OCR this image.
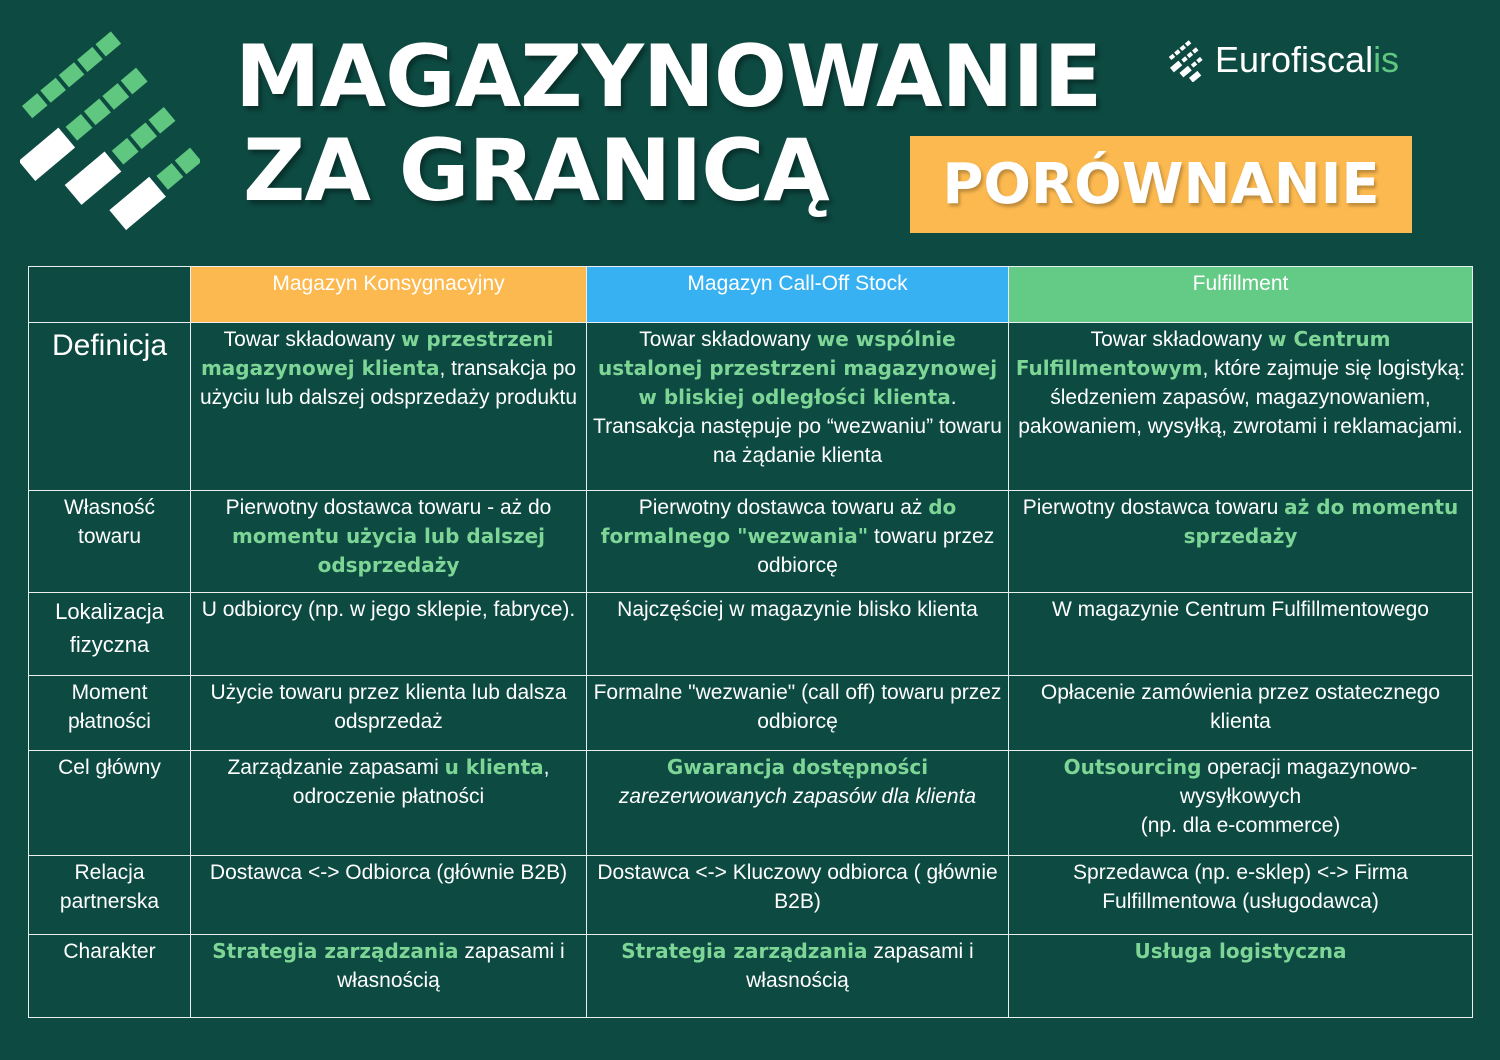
MAGAZYNOWANIE
ZA GRANICĄ
Eurofiscalis
PORÓWNANIE
	Magazyn Konsygnacyjny	Magazyn Call-Off Stock	Fulfillment
Definicja	Towar składowany w przestrzeni magazynowej klienta, transakcja po użyciu lub dalszej odsprzedaży produktu	Towar składowany we wspólnie ustalonej przestrzeni magazynowej w bliskiej odległości klienta. Transakcja następuje po “wezwaniu” towaru na żądanie klienta	Towar składowany w Centrum Fulfillmentowym, które zajmuje się logistyką: śledzeniem zapasów, magazynowaniem, pakowaniem, wysyłką, zwrotami i reklamacjami.
Własność towaru	Pierwotny dostawca towaru - aż do momentu użycia lub dalszej odsprzedaży	Pierwotny dostawca towaru aż do formalnego "wezwania" towaru przez odbiorcę	Pierwotny dostawca towaru aż do momentu sprzedaży
Lokalizacja fizyczna	U odbiorcy (np. w jego sklepie, fabryce).	Najczęściej w magazynie blisko klienta	W magazynie Centrum Fulfillmentowego
Moment płatności	Użycie towaru przez klienta lub dalsza odsprzedaż	Formalne "wezwanie" (call off) towaru przez odbiorcę	Opłacenie zamówienia przez ostatecznego klienta
Cel główny	Zarządzanie zapasami u klienta, odroczenie płatności	Gwarancja dostępności zarezerwowanych zapasów dla klienta	Outsourcing operacji magazynowo-wysyłkowych
(np. dla e-commerce)
Relacja partnerska	Dostawca <-> Odbiorca (głównie B2B)	Dostawca <-> Kluczowy odbiorca ( głównie B2B)	Sprzedawca (np. e-sklep) <-> Firma Fulfillmentowa (usługodawca)
Charakter	Strategia zarządzania zapasami i własnością	Strategia zarządzania zapasami i własnością	Usługa logistyczna
